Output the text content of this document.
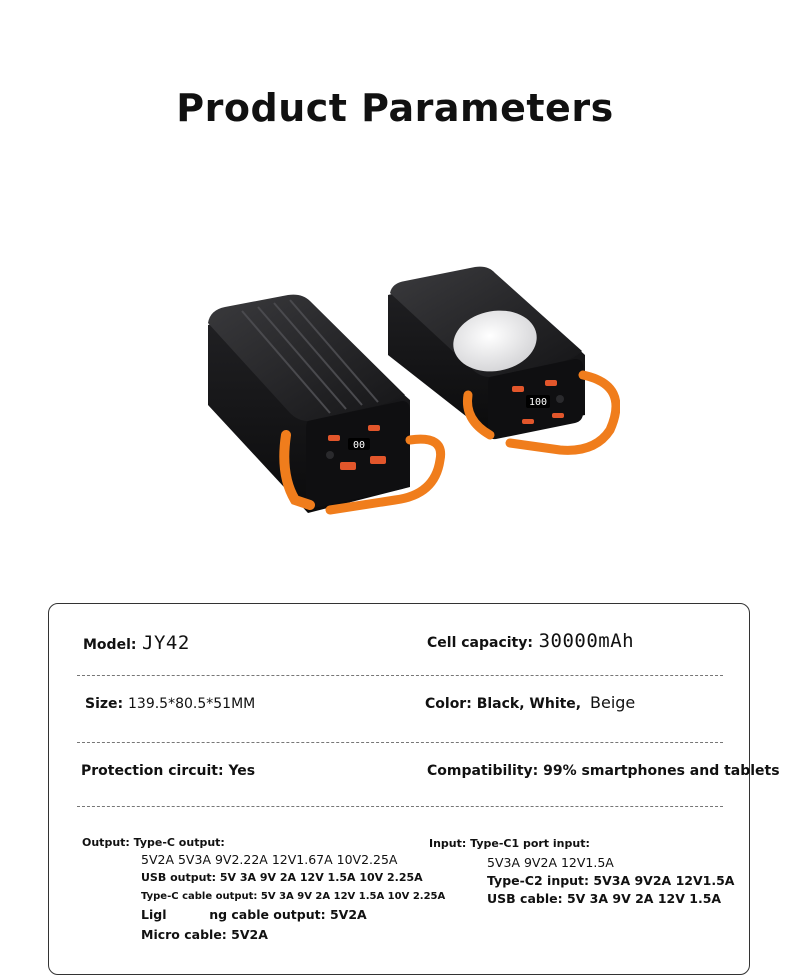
Product Parameters
00
100
Model: JY42	Cell capacity: 30000mAh
Size: 139.5*80.5*51MM	Color: Black, White, Beige
Protection circuit: Yes	Compatibility: 99% smartphones and tablets
Output: Type-C output:
5V2A 5V3A 9V2.22A 12V1.67A 10V2.25A
USB output: 5V 3A 9V 2A 12V 1.5A 10V 2.25A
Type-C cable output: 5V 3A 9V 2A 12V 1.5A 10V 2.25A
Ligl	ng cable output: 5V2A
Micro cable: 5V2A
Input: Type-C1 port input:
5V3A 9V2A 12V1.5A
Type-C2 input: 5V3A 9V2A 12V1.5A
USB cable: 5V 3A 9V 2A 12V 1.5A
